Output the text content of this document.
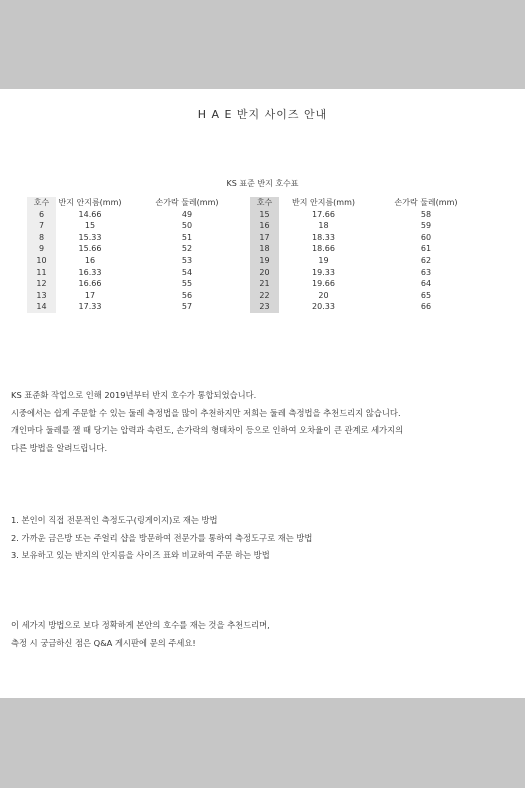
H A E 반지 사이즈 안내
KS 표준 반지 호수표
호수	반지 안지름(mm)	손가락 둘레(mm)	호수	반지 안지름(mm)	손가락 둘레(mm)
6	14.66	49	15	17.66	58
7	15	50	16	18	59
8	15.33	51	17	18.33	60
9	15.66	52	18	18.66	61
10	16	53	19	19	62
11	16.33	54	20	19.33	63
12	16.66	55	21	19.66	64
13	17	56	22	20	65
14	17.33	57	23	20.33	66
KS 표준화 작업으로 인해 2019년부터 반지 호수가 통합되었습니다.
시중에서는 쉽게 주문할 수 있는 둘레 측정법을 많이 추천하지만 저희는 둘레 측정법을 추천드리지 않습니다.
개인마다 둘레를 잴 때 당기는 압력과 속련도, 손가락의 형태차이 등으로 인하여 오차율이 큰 관계로 세가지의
다른 방법을 알려드립니다.
1. 본인이 직접 전문적인 측정도구(링게이지)로 재는 방법
2. 가까운 금은방 또는 주얼리 샵을 방문하여 전문가를 통하여 측정도구로 재는 방법
3. 보유하고 있는 반지의 안지름을 사이즈 표와 비교하여 주문 하는 방법
이 세가지 방법으로 보다 정확하게 본안의 호수를 재는 것을 추천드리며,
측정 시 궁금하신 점은 Q&A 게시판에 문의 주세요!
